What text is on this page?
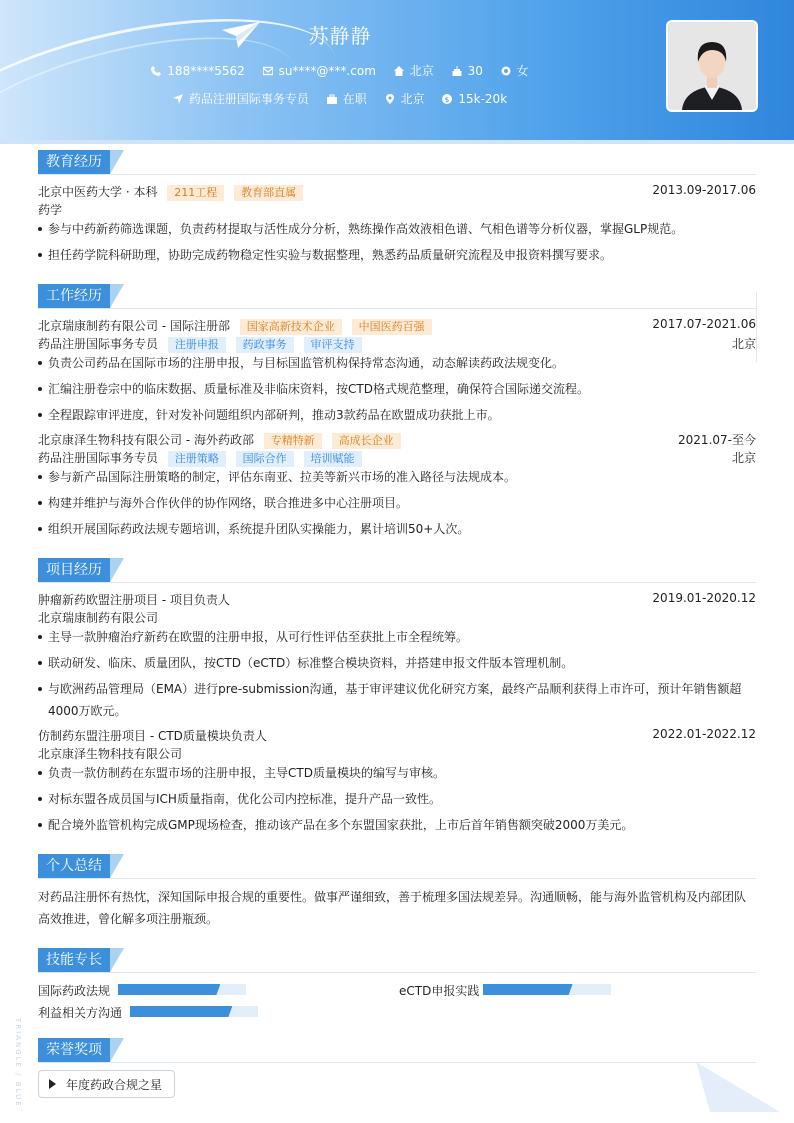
苏静静
188****5562
	su****@***.com
	北京
	30
	女
药品注册国际事务专员
	在职
	北京
	$ 15k-20k
教育经历
北京中医药大学 · 本科 211工程 教育部直属	2013.09-2017.06
药学
参与中药新药筛选课题，负责药材提取与活性成分分析，熟练操作高效液相色谱、气相色谱等分析仪器，掌握GLP规范。
担任药学院科研助理，协助完成药物稳定性实验与数据整理，熟悉药品质量研究流程及申报资料撰写要求。
工作经历
北京瑞康制药有限公司 - 国际注册部 国家高新技术企业 中国医药百强	2017.07-2021.06
药品注册国际事务专员 注册申报 药政事务 审评支持	北京
负责公司药品在国际市场的注册申报，与目标国监管机构保持常态沟通，动态解读药政法规变化。
汇编注册卷宗中的临床数据、质量标准及非临床资料，按CTD格式规范整理，确保符合国际递交流程。
全程跟踪审评进度，针对发补问题组织内部研判，推动3款药品在欧盟成功获批上市。
北京康泽生物科技有限公司 - 海外药政部 专精特新 高成长企业	2021.07-至今
药品注册国际事务专员 注册策略 国际合作 培训赋能	北京
参与新产品国际注册策略的制定，评估东南亚、拉美等新兴市场的准入路径与法规成本。
构建并维护与海外合作伙伴的协作网络，联合推进多中心注册项目。
组织开展国际药政法规专题培训，系统提升团队实操能力，累计培训50+人次。
项目经历
肿瘤新药欧盟注册项目 - 项目负责人	2019.01-2020.12
北京瑞康制药有限公司
主导一款肿瘤治疗新药在欧盟的注册申报，从可行性评估至获批上市全程统筹。
联动研发、临床、质量团队，按CTD（eCTD）标准整合模块资料，并搭建申报文件版本管理机制。
与欧洲药品管理局（EMA）进行pre-submission沟通，基于审评建议优化研究方案，最终产品顺利获得上市许可，预计年销售额超4000万欧元。
仿制药东盟注册项目 - CTD质量模块负责人	2022.01-2022.12
北京康泽生物科技有限公司
负责一款仿制药在东盟市场的注册申报，主导CTD质量模块的编写与审核。
对标东盟各成员国与ICH质量指南，优化公司内控标准，提升产品一致性。
配合境外监管机构完成GMP现场检查，推动该产品在多个东盟国家获批，上市后首年销售额突破2000万美元。
个人总结
对药品注册怀有热忱，深知国际申报合规的重要性。做事严谨细致，善于梳理多国法规差异。沟通顺畅，能与海外监管机构及内部团队高效推进，曾化解多项注册瓶颈。
技能专长
国际药政法规	eCTD申报实践
利益相关方沟通
荣誉奖项
年度药政合规之星
TRIANGLE / BLUE
